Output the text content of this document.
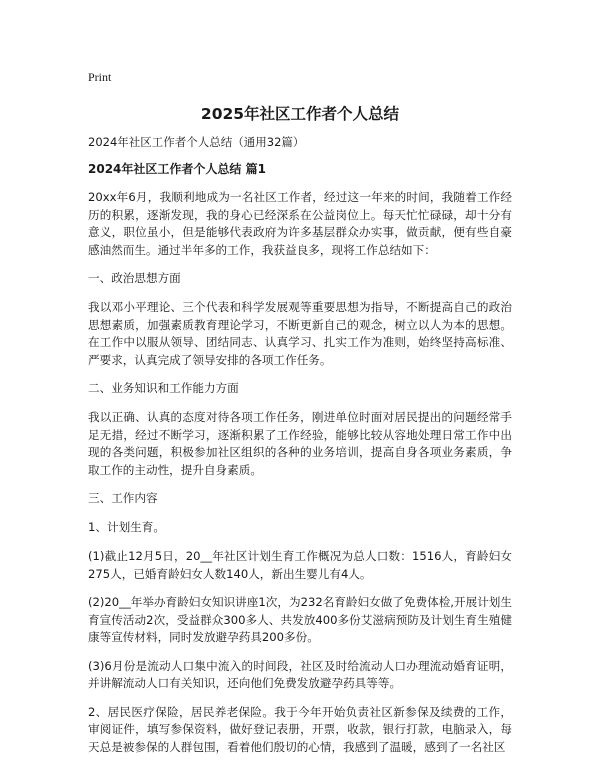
Print
2025年社区工作者个人总结
2024年社区工作者个人总结（通用32篇）
2024年社区工作者个人总结 篇1

20xx年6月，我顺利地成为一名社区工作者，经过这一年来的时间，我随着工作经历的积累，逐渐发现，我的身心已经深系在公益岗位上。每天忙忙碌碌，却十分有意义，职位虽小，但是能够代表政府为许多基层群众办实事，做贡献，便有些自豪感油然而生。通过半年多的工作，我获益良多，现将工作总结如下：

一、政治思想方面

我以邓小平理论、三个代表和科学发展观等重要思想为指导，不断提高自己的政治思想素质，加强素质教育理论学习，不断更新自己的观念，树立以人为本的思想。在工作中以服从领导、团结同志、认真学习、扎实工作为准则，始终坚持高标准、严要求，认真完成了领导安排的各项工作任务。

二、业务知识和工作能力方面

我以正确、认真的态度对待各项工作任务，刚进单位时面对居民提出的问题经常手足无措，经过不断学习，逐渐积累了工作经验，能够比较从容地处理日常工作中出现的各类问题，积极参加社区组织的各种的业务培训，提高自身各项业务素质，争取工作的主动性，提升自身素质。

三、工作内容
1、计划生育。

(1)截止12月5日，20__年社区计划生育工作概况为总人口数：1516人，育龄妇女275人，已婚育龄妇女人数140人，新出生婴儿有4人。

(2)20__年举办育龄妇女知识讲座1次，为232名育龄妇女做了免费体检,开展计划生育宣传活动2次，受益群众300多人、共发放400多份艾滋病预防及计划生育生殖健康等宣传材料，同时发放避孕药具200多份。

(3)6月份是流动人口集中流入的时间段，社区及时给流动人口办理流动婚育证明，并讲解流动人口有关知识，还向他们免费发放避孕药具等等。

2、居民医疗保险，居民养老保险。我于今年开始负责社区新参保及续费的工作，审阅证件，填写参保资料，做好登记表册，开票，收款，银行打款，电脑录入，每天总是被参保的人群包围，看着他们殷切的心情，我感到了温暖，感到了一名社区
